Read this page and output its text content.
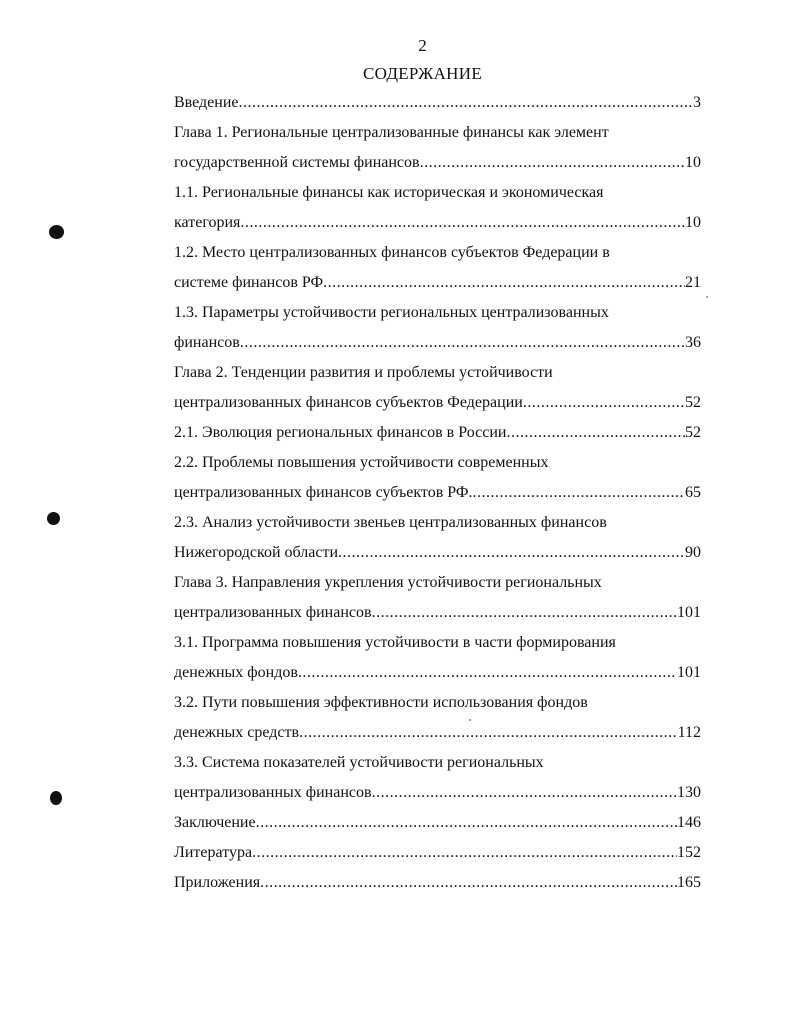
2
СОДЕРЖАНИЕ
Введение .....	3
Глава 1. Региональные централизованные финансы как элемент
государственной системы финансов .....	10
1.1. Региональные финансы как историческая и экономическая
категория .....	10
1.2. Место централизованных финансов субъектов Федерации в
системе финансов РФ .....	21
1.3. Параметры устойчивости региональных централизованных
финансов .....	36
Глава 2. Тенденции развития и проблемы устойчивости
централизованных финансов субъектов Федерации .....	52
2.1. Эволюция региональных финансов в России .....	52
2.2. Проблемы повышения устойчивости современных
централизованных финансов субъектов РФ. .....	65
2.3. Анализ устойчивости звеньев централизованных финансов
Нижегородской области .....	90
Глава 3. Направления укрепления устойчивости региональных
централизованных финансов .....	101
3.1. Программа повышения устойчивости в части формирования
денежных фондов .....	101
3.2. Пути повышения эффективности использования фондов
денежных средств .....	112
3.3. Система показателей устойчивости региональных
централизованных финансов .....	130
Заключение .....	146
Литература .....	152
Приложения .....	165
